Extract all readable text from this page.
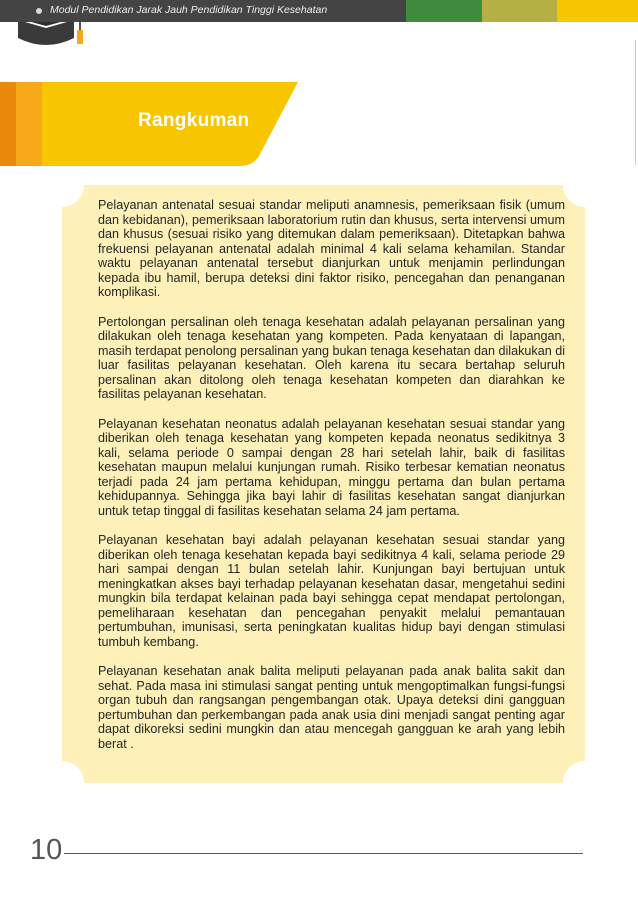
Modul Pendidikan Jarak Jauh Pendidikan Tinggi Kesehatan
Rangkuman

Pelayanan antenatal sesuai standar meliputi anamnesis, pemeriksaan fisik (umum dan kebidanan), pemeriksaan laboratorium rutin dan khusus, serta intervensi umum dan khusus (sesuai risiko yang ditemukan dalam pemeriksaan). Ditetapkan bahwa frekuensi pelayanan antenatal adalah minimal 4 kali selama kehamilan. Standar waktu pelayanan antenatal tersebut dianjurkan untuk menjamin perlindungan kepada ibu hamil, berupa deteksi dini faktor risiko, pencegahan dan penanganan komplikasi.

Pertolongan persalinan oleh tenaga kesehatan adalah pelayanan persalinan yang dilakukan oleh tenaga kesehatan yang kompeten. Pada kenyataan di lapangan, masih terdapat penolong persalinan yang bukan tenaga kesehatan dan dilakukan di luar fasilitas pelayanan kesehatan. Oleh karena itu secara bertahap seluruh persalinan akan ditolong oleh tenaga kesehatan kompeten dan diarahkan ke fasilitas pelayanan kesehatan.

Pelayanan kesehatan neonatus adalah pelayanan kesehatan sesuai standar yang diberikan oleh tenaga kesehatan yang kompeten kepada neonatus sedikitnya 3 kali, selama periode 0 sampai dengan 28 hari setelah lahir, baik di fasilitas kesehatan maupun melalui kunjungan rumah. Risiko terbesar kematian neonatus terjadi pada 24 jam pertama kehidupan, minggu pertama dan bulan pertama kehidupannya. Sehingga jika bayi lahir di fasilitas kesehatan sangat dianjurkan untuk tetap tinggal di fasilitas kesehatan selama 24 jam pertama.

Pelayanan kesehatan bayi adalah pelayanan kesehatan sesuai standar yang diberikan oleh tenaga kesehatan kepada bayi sedikitnya 4 kali, selama periode 29 hari sampai dengan 11 bulan setelah lahir. Kunjungan bayi bertujuan untuk meningkatkan akses bayi terhadap pelayanan kesehatan dasar, mengetahui sedini mungkin bila terdapat kelainan pada bayi sehingga cepat mendapat pertolongan, pemeliharaan kesehatan dan pencegahan penyakit melalui pemantauan pertumbuhan, imunisasi, serta peningkatan kualitas hidup bayi dengan stimulasi tumbuh kembang.

Pelayanan kesehatan anak balita meliputi pelayanan pada anak balita sakit dan sehat. Pada masa ini stimulasi sangat penting untuk mengoptimalkan fungsi-fungsi organ tubuh dan rangsangan pengembangan otak. Upaya deteksi dini gangguan pertumbuhan dan perkembangan pada anak usia dini menjadi sangat penting agar dapat dikoreksi sedini mungkin dan atau mencegah gangguan ke arah yang lebih berat .

10
